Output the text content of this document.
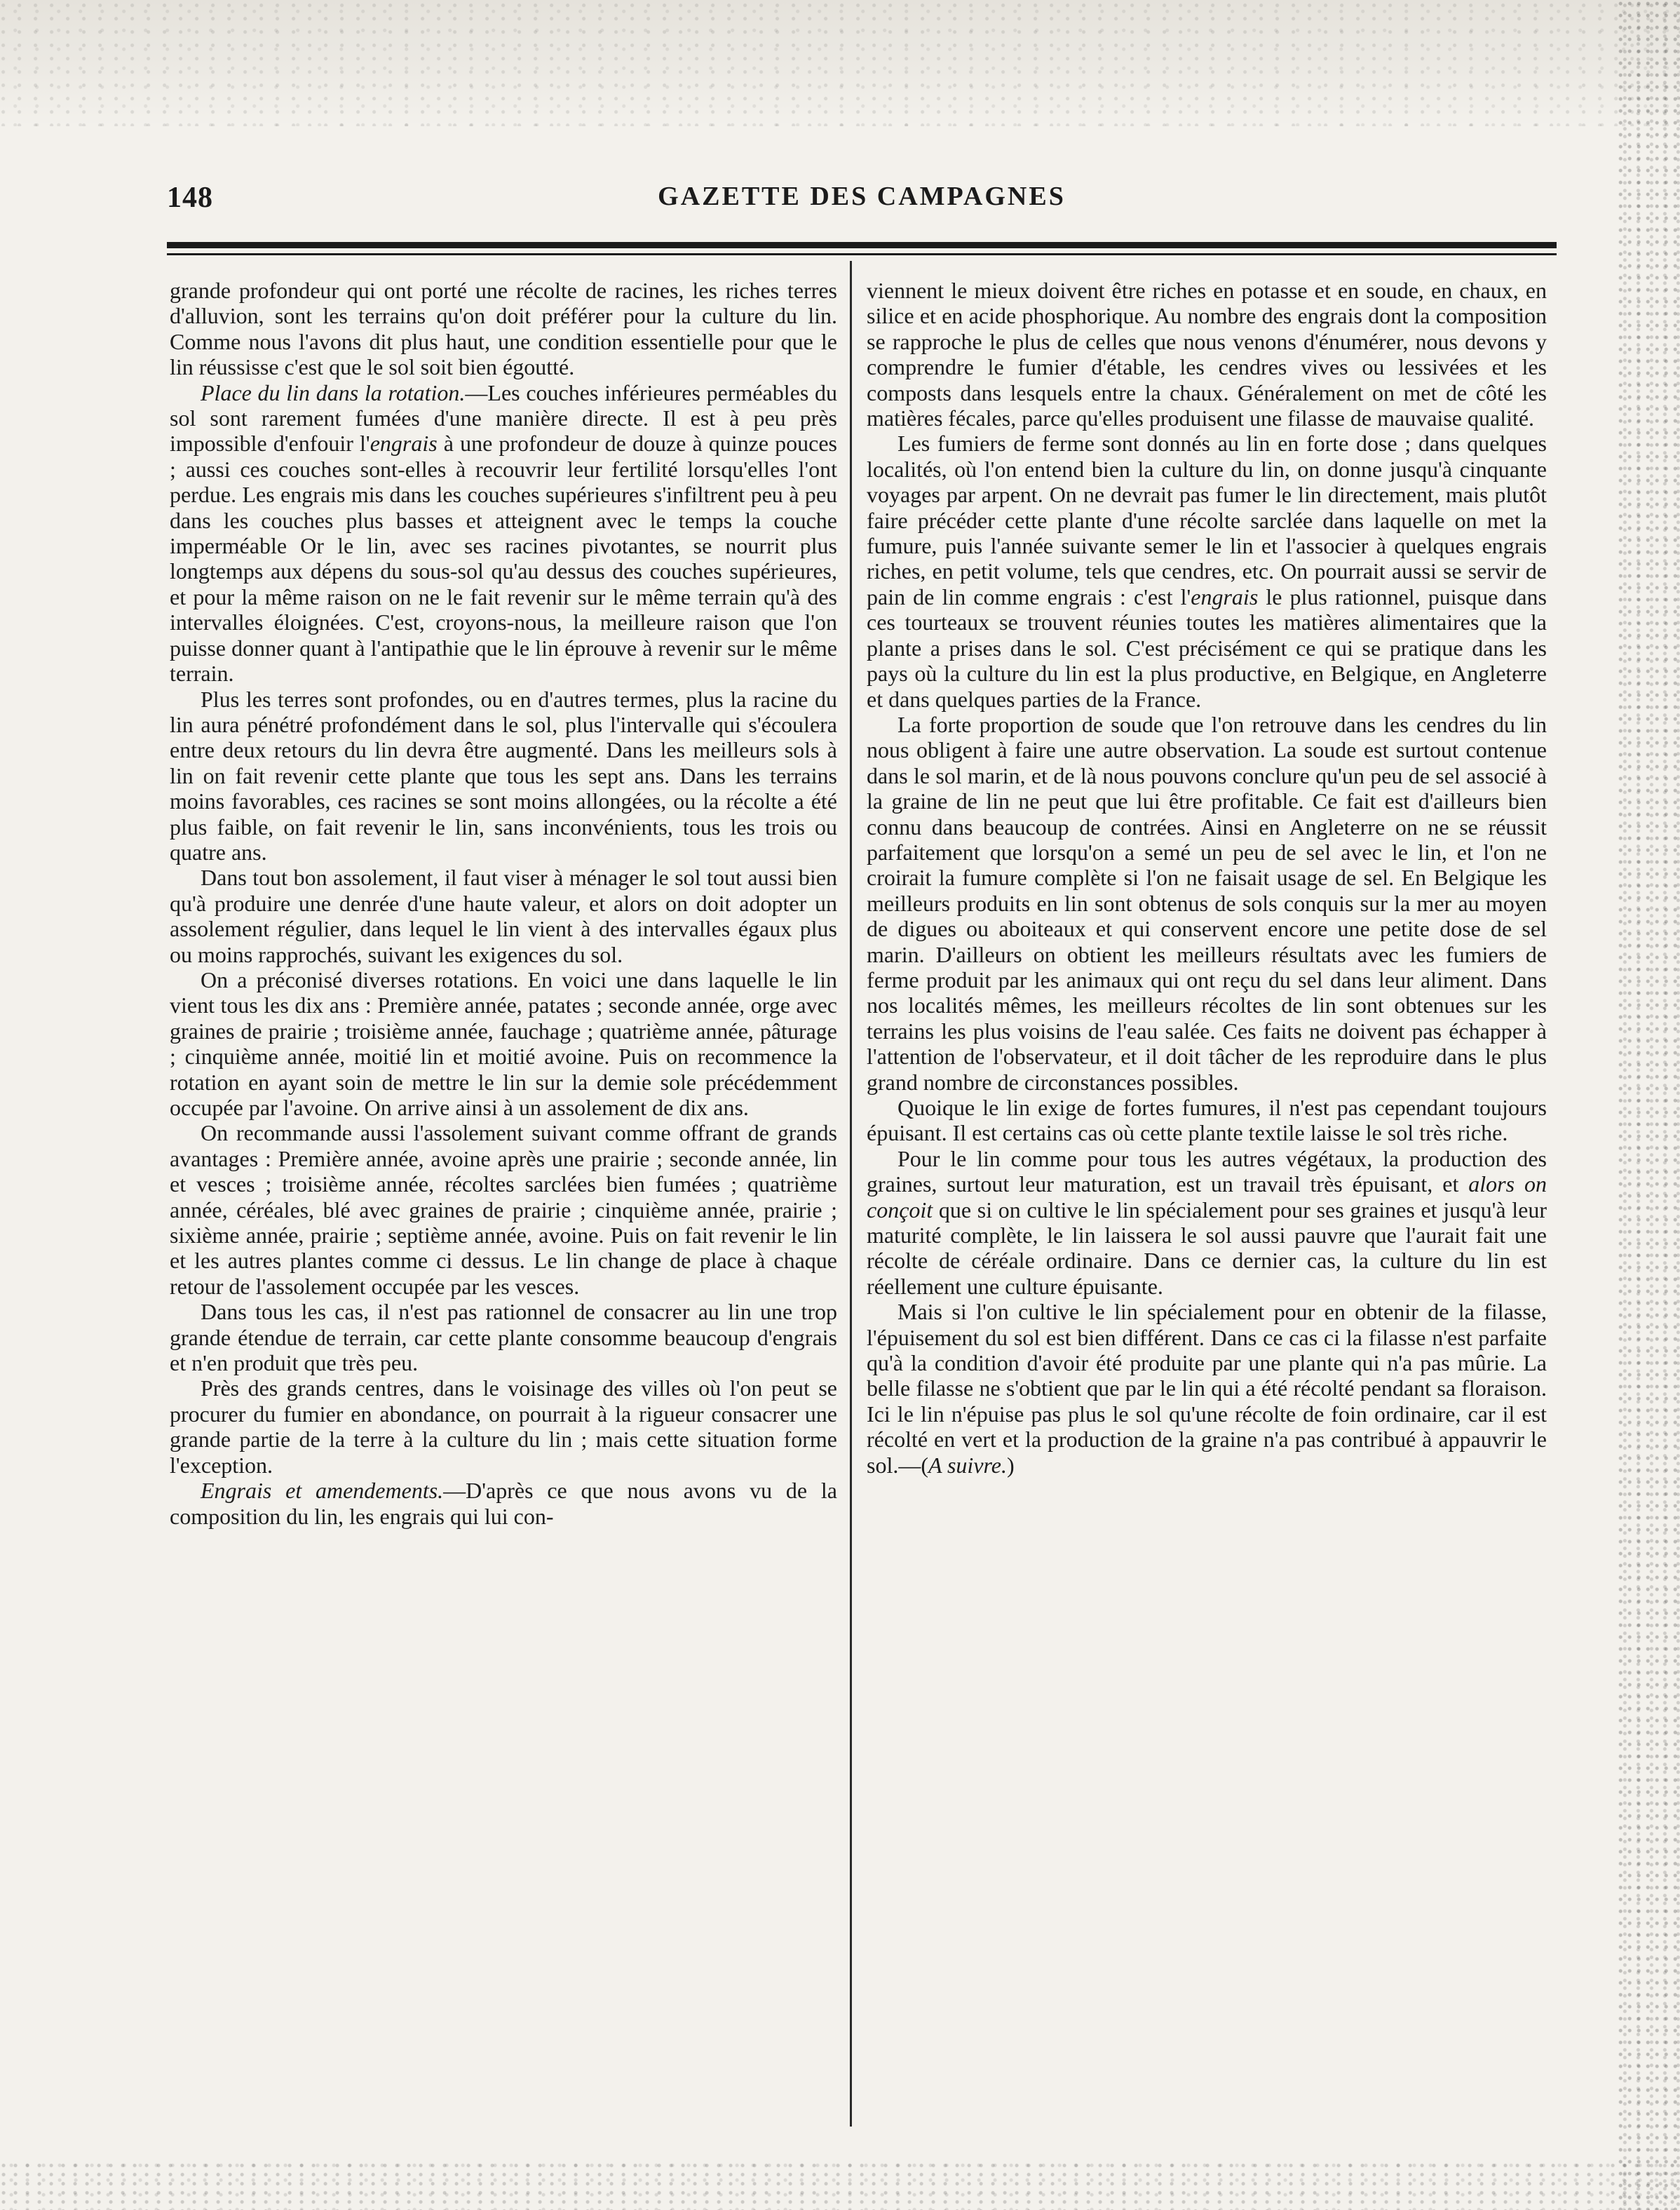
148	GAZETTE DES CAMPAGNES

grande profondeur qui ont porté une récolte de racines, les riches terres d'alluvion, sont les terrains qu'on doit préférer pour la culture du lin. Comme nous l'avons dit plus haut, une condition essentielle pour que le lin réussisse c'est que le sol soit bien égoutté.

Place du lin dans la rotation.—Les couches inférieures perméables du sol sont rarement fumées d'une manière directe. Il est à peu près impossible d'enfouir l'engrais à une profondeur de douze à quinze pouces ; aussi ces couches sont-elles à recouvrir leur fertilité lorsqu'elles l'ont perdue. Les engrais mis dans les couches supérieures s'infiltrent peu à peu dans les couches plus basses et atteignent avec le temps la couche imperméable Or le lin, avec ses racines pivotantes, se nourrit plus longtemps aux dépens du sous-sol qu'au dessus des couches supérieures, et pour la même raison on ne le fait revenir sur le même terrain qu'à des intervalles éloignées. C'est, croyons-nous, la meilleure raison que l'on puisse donner quant à l'antipathie que le lin éprouve à revenir sur le même terrain.

Plus les terres sont profondes, ou en d'autres termes, plus la racine du lin aura pénétré profondément dans le sol, plus l'intervalle qui s'écoulera entre deux retours du lin devra être augmenté. Dans les meilleurs sols à lin on fait revenir cette plante que tous les sept ans. Dans les terrains moins favorables, ces racines se sont moins allongées, ou la récolte a été plus faible, on fait revenir le lin, sans inconvénients, tous les trois ou quatre ans.

Dans tout bon assolement, il faut viser à ménager le sol tout aussi bien qu'à produire une denrée d'une haute valeur, et alors on doit adopter un assolement régulier, dans lequel le lin vient à des intervalles égaux plus ou moins rapprochés, suivant les exigences du sol.

On a préconisé diverses rotations. En voici une dans laquelle le lin vient tous les dix ans : Première année, patates ; seconde année, orge avec graines de prairie ; troisième année, fauchage ; quatrième année, pâturage ; cinquième année, moitié lin et moitié avoine. Puis on recommence la rotation en ayant soin de mettre le lin sur la demie sole précédemment occupée par l'avoine. On arrive ainsi à un assolement de dix ans.

On recommande aussi l'assolement suivant comme offrant de grands avantages : Première année, avoine après une prairie ; seconde année, lin et vesces ; troisième année, récoltes sarclées bien fumées ; quatrième année, céréales, blé avec graines de prairie ; cinquième année, prairie ; sixième année, prairie ; septième année, avoine. Puis on fait revenir le lin et les autres plantes comme ci dessus. Le lin change de place à chaque retour de l'assolement occupée par les vesces.

Dans tous les cas, il n'est pas rationnel de consacrer au lin une trop grande étendue de terrain, car cette plante consomme beaucoup d'engrais et n'en produit que très peu.

Près des grands centres, dans le voisinage des villes où l'on peut se procurer du fumier en abondance, on pourrait à la rigueur consacrer une grande partie de la terre à la culture du lin ; mais cette situation forme l'exception.

Engrais et amendements.—D'après ce que nous avons vu de la composition du lin, les engrais qui lui con-

viennent le mieux doivent être riches en potasse et en soude, en chaux, en silice et en acide phosphorique. Au nombre des engrais dont la composition se rapproche le plus de celles que nous venons d'énumérer, nous devons y comprendre le fumier d'étable, les cendres vives ou lessivées et les composts dans lesquels entre la chaux. Généralement on met de côté les matières fécales, parce qu'elles produisent une filasse de mauvaise qualité.

Les fumiers de ferme sont donnés au lin en forte dose ; dans quelques localités, où l'on entend bien la culture du lin, on donne jusqu'à cinquante voyages par arpent. On ne devrait pas fumer le lin directement, mais plutôt faire précéder cette plante d'une récolte sarclée dans laquelle on met la fumure, puis l'année suivante semer le lin et l'associer à quelques engrais riches, en petit volume, tels que cendres, etc. On pourrait aussi se servir de pain de lin comme engrais : c'est l'engrais le plus rationnel, puisque dans ces tourteaux se trouvent réunies toutes les matières alimentaires que la plante a prises dans le sol. C'est précisément ce qui se pratique dans les pays où la culture du lin est la plus productive, en Belgique, en Angleterre et dans quelques parties de la France.

La forte proportion de soude que l'on retrouve dans les cendres du lin nous obligent à faire une autre observation. La soude est surtout contenue dans le sol marin, et de là nous pouvons conclure qu'un peu de sel associé à la graine de lin ne peut que lui être profitable. Ce fait est d'ailleurs bien connu dans beaucoup de contrées. Ainsi en Angleterre on ne se réussit parfaitement que lorsqu'on a semé un peu de sel avec le lin, et l'on ne croirait la fumure complète si l'on ne faisait usage de sel. En Belgique les meilleurs produits en lin sont obtenus de sols conquis sur la mer au moyen de digues ou aboiteaux et qui conservent encore une petite dose de sel marin. D'ailleurs on obtient les meilleurs résultats avec les fumiers de ferme produit par les animaux qui ont reçu du sel dans leur aliment. Dans nos localités mêmes, les meilleurs récoltes de lin sont obtenues sur les terrains les plus voisins de l'eau salée. Ces faits ne doivent pas échapper à l'attention de l'observateur, et il doit tâcher de les reproduire dans le plus grand nombre de circonstances possibles.

Quoique le lin exige de fortes fumures, il n'est pas cependant toujours épuisant. Il est certains cas où cette plante textile laisse le sol très riche.

Pour le lin comme pour tous les autres végétaux, la production des graines, surtout leur maturation, est un travail très épuisant, et alors on conçoit que si on cultive le lin spécialement pour ses graines et jusqu'à leur maturité complète, le lin laissera le sol aussi pauvre que l'aurait fait une récolte de céréale ordinaire. Dans ce dernier cas, la culture du lin est réellement une culture épuisante.

Mais si l'on cultive le lin spécialement pour en obtenir de la filasse, l'épuisement du sol est bien différent. Dans ce cas ci la filasse n'est parfaite qu'à la condition d'avoir été produite par une plante qui n'a pas mûrie. La belle filasse ne s'obtient que par le lin qui a été récolté pendant sa floraison. Ici le lin n'épuise pas plus le sol qu'une récolte de foin ordinaire, car il est récolté en vert et la production de la graine n'a pas contribué à appauvrir le sol.—(A suivre.)
